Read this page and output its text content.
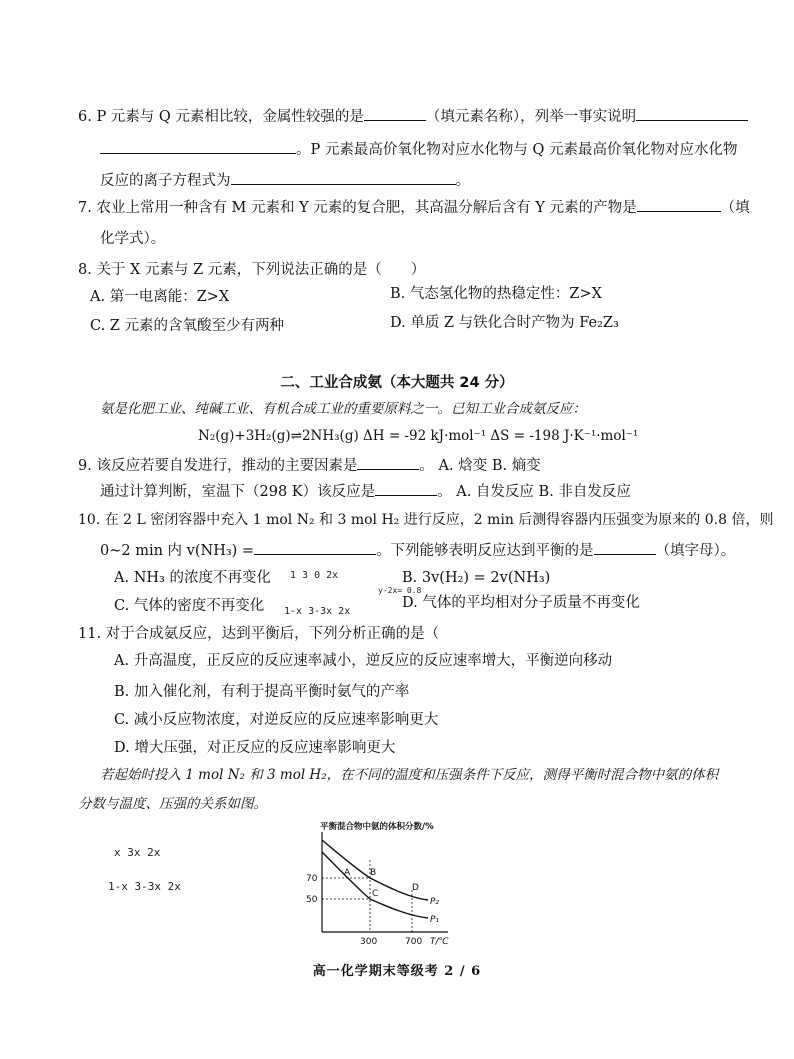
6. P 元素与 Q 元素相比较，金属性较强的是	（填元素名称），列举一事实说明
。P 元素最高价氧化物对应水化物与 Q 元素最高价氧化物对应水化物
反应的离子方程式为	。
7. 农业上常用一种含有 M 元素和 Y 元素的复合肥，其高温分解后含有 Y 元素的产物是	（填
化学式）。
8. 关于 X 元素与 Z 元素，下列说法正确的是（　　）
A. 第一电离能：Z>X	B. 气态氢化物的热稳定性：Z>X
C. Z 元素的含氧酸至少有两种	D. 单质 Z 与铁化合时产物为 Fe₂Z₃
二、工业合成氨（本大题共 24 分）
氨是化肥工业、纯碱工业、有机合成工业的重要原料之一。已知工业合成氨反应：
N₂(g)+3H₂(g)⇌2NH₃(g) ΔH = -92 kJ·mol⁻¹ ΔS = -198 J·K⁻¹·mol⁻¹
9. 该反应若要自发进行，推动的主要因素是	。 A. 焓变 B. 熵变
通过计算判断，室温下（298 K）该反应是	。 A. 自发反应 B. 非自发反应
10. 在 2 L 密闭容器中充入 1 mol N₂ 和 3 mol H₂ 进行反应，2 min 后测得容器内压强变为原来的 0.8 倍，则
0~2 min 内 v(NH₃) =	。下列能够表明反应达到平衡的是	（填字母）。
A. NH₃ 的浓度不再变化	B. 3v(H₂) = 2v(NH₃)
C. 气体的密度不再变化	D. 气体的平均相对分子质量不再变化
1 3 0 2x
1-x 3-3x 2x
y-2x= 0.8
11. 对于合成氨反应，达到平衡后，下列分析正确的是（
A. 升高温度，正反应的反应速率减小，逆反应的反应速率增大，平衡逆向移动
B. 加入催化剂，有利于提高平衡时氨气的产率
C. 减小反应物浓度，对逆反应的反应速率影响更大
D. 增大压强，对正反应的反应速率影响更大
若起始时投入 1 mol N₂ 和 3 mol H₂，在不同的温度和压强条件下反应，测得平衡时混合物中氨的体积
分数与温度、压强的关系如图。
x 3x 2x
1-x 3-3x 2x
平衡混合物中氨的体积分数/%
70
50
300	700 T/℃
A B
C
D
P₂
P₁
高一化学期末等级考 2 / 6
